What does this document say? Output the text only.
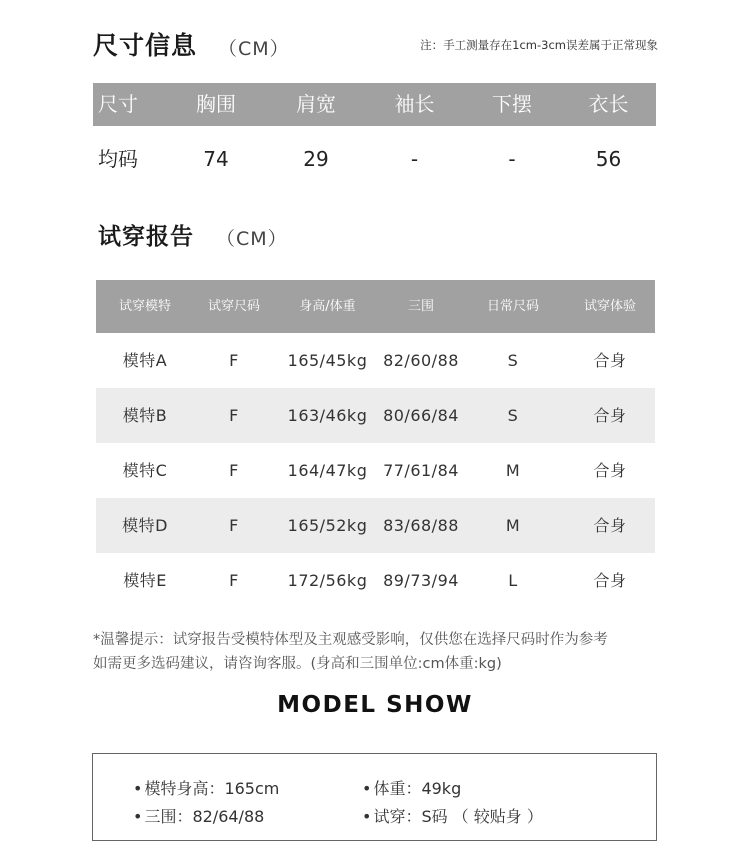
尺寸信息 （CM）	注：手工测量存在1cm-3cm误差属于正常现象
尺寸	胸围	肩宽	袖长	下摆	衣长
均码	74	29	-	-	56
试穿报告 （CM）
试穿模特	试穿尺码	身高/体重	三围	日常尺码	试穿体验
模特A	F	165/45kg 82/60/88	S	合身
模特B	F	163/46kg 80/66/84	S	合身
模特C	F	164/47kg 77/61/84	M	合身
模特D	F	165/52kg 83/68/88	M	合身
模特E	F	172/56kg 89/73/94	L	合身
*温馨提示：试穿报告受模特体型及主观感受影响，仅供您在选择尺码时作为参考
如需更多选码建议，请咨询客服。(身高和三围单位:cm体重:kg)
MODEL SHOW
• 模特身高：165cm	• 体重：49kg
• 三围：82/64/88	• 试穿：S码 （ 较贴身 ）
